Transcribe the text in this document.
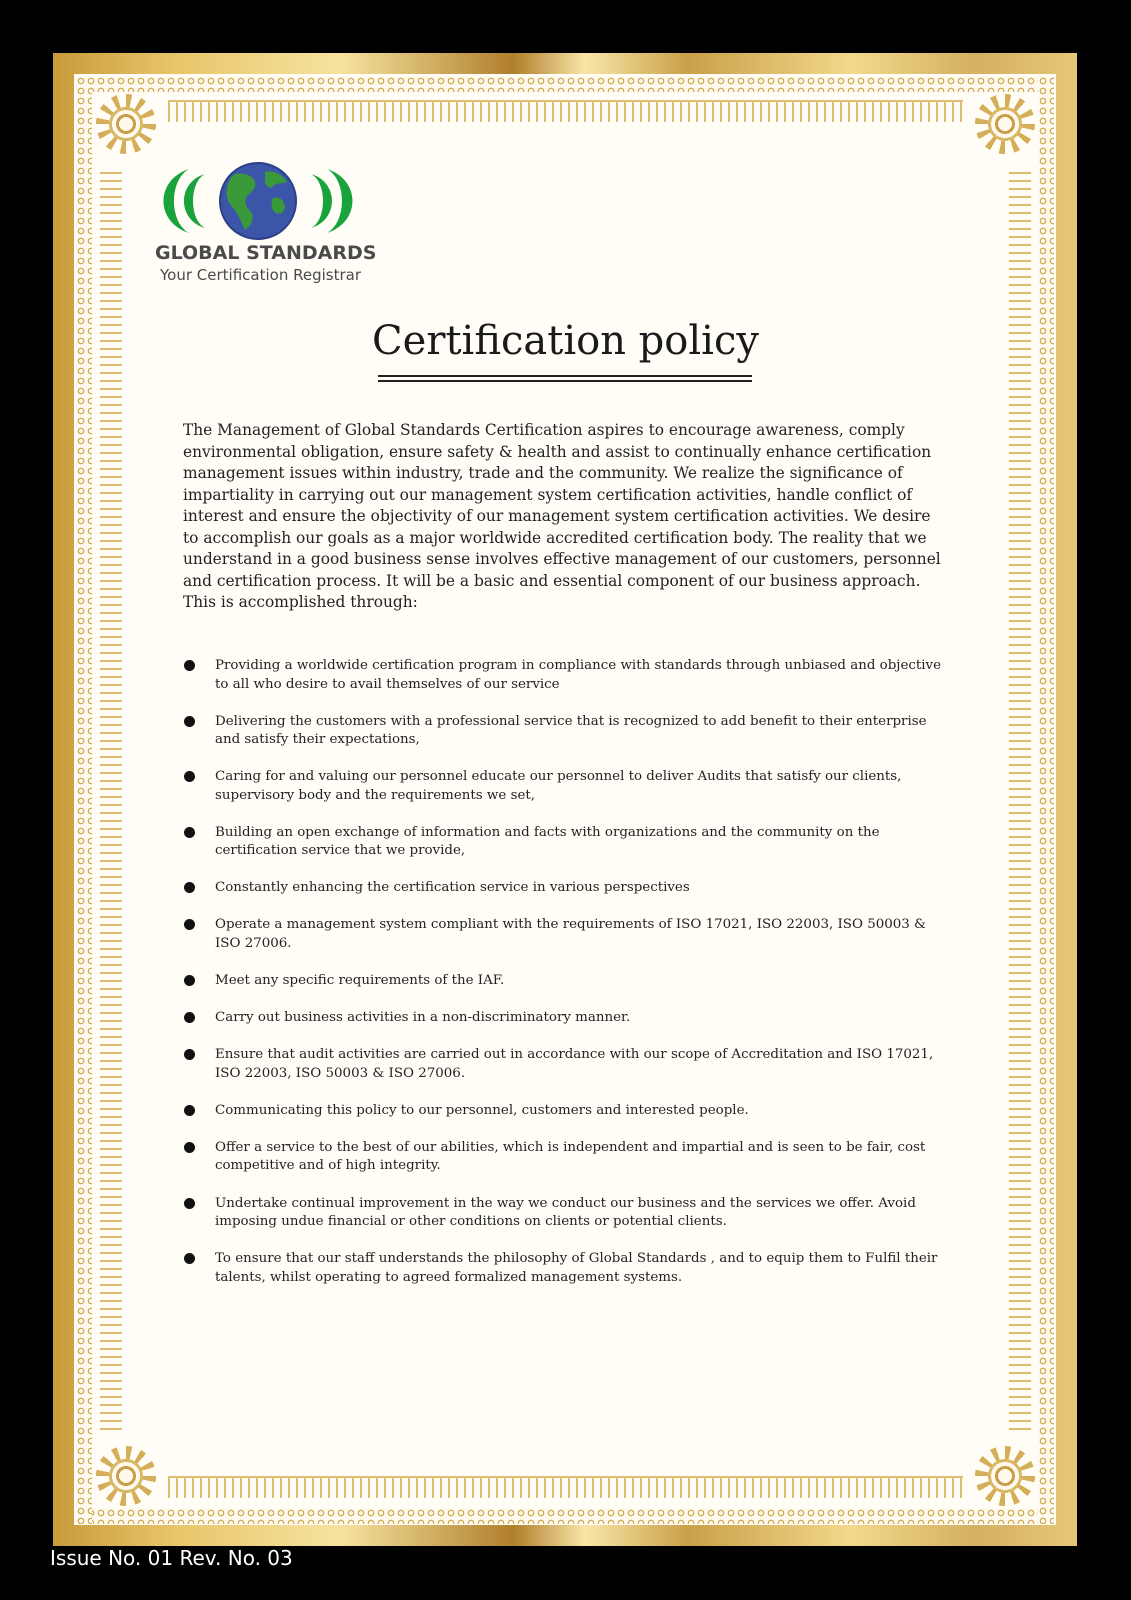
GLOBAL STANDARDS
Your Certification Registrar
Certification policy

The Management of Global Standards Certification aspires to encourage awareness, comply environmental obligation, ensure safety & health and assist to continually enhance certification management issues within industry, trade and the community. We realize the significance of impartiality in carrying out our management system certification activities, handle conflict of interest and ensure the objectivity of our management system certification activities. We desire to accomplish our goals as a major worldwide accredited certification body. The reality that we understand in a good business sense involves effective management of our customers, personnel and certification process. It will be a basic and essential component of our business approach. This is accomplished through:

Providing a worldwide certification program in compliance with standards through unbiased and objective to all who desire to avail themselves of our service
Delivering the customers with a professional service that is recognized to add benefit to their enterprise and satisfy their expectations,
Caring for and valuing our personnel educate our personnel to deliver Audits that satisfy our clients, supervisory body and the requirements we set,
Building an open exchange of information and facts with organizations and the community on the certification service that we provide,
Constantly enhancing the certification service in various perspectives
Operate a management system compliant with the requirements of ISO 17021, ISO 22003, ISO 50003 & ISO 27006.
Meet any specific requirements of the IAF.
Carry out business activities in a non-discriminatory manner.
Ensure that audit activities are carried out in accordance with our scope of Accreditation and ISO 17021, ISO 22003, ISO 50003 & ISO 27006.
Communicating this policy to our personnel, customers and interested people.
Offer a service to the best of our abilities, which is independent and impartial and is seen to be fair, cost competitive and of high integrity.
Undertake continual improvement in the way we conduct our business and the services we offer. Avoid imposing undue financial or other conditions on clients or potential clients.
To ensure that our staff understands the philosophy of Global Standards , and to equip them to Fulfil their talents, whilst operating to agreed formalized management systems.
Issue No. 01 Rev. No. 03
